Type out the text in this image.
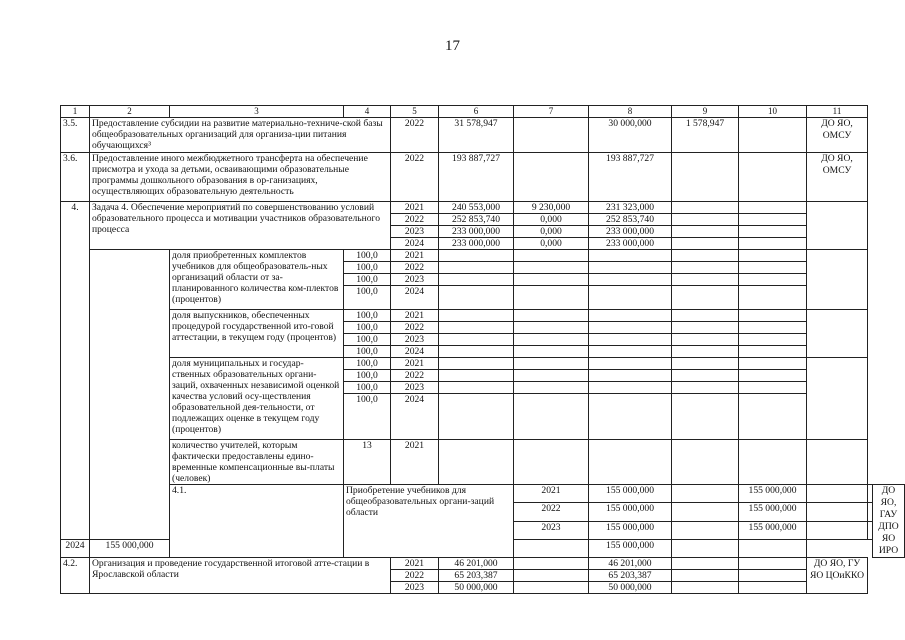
17
1	2	3	4	5	6	7	8	9	10	11		
3.5.	Предоставление субсидии на развитие материально-техниче-ской базы общеобразовательных организаций для организа-ции питания обучающихся³			2022	31 578,947		30 000,000	1 578,947		ДО ЯО, ОМСУ		
3.6.	Предоставление иного межбюджетного трансферта на обеспечение присмотра и ухода за детьми, осваивающими образовательные программы дошкольного образования в ор-ганизациях, осуществляющих образовательную деятельность			2022	193 887,727		193 887,727			ДО ЯО, ОМСУ		
4.	Задача 4. Обеспечение мероприятий по совершенствованию условий образовательного процесса и мотивации участников образовательного процесса			2021	240 553,000	9 230,000	231 323,000					
				2022	252 853,740	0,000	252 853,740					
				2023	233 000,000	0,000	233 000,000					
				2024	233 000,000	0,000	233 000,000					
		доля приобретенных комплектов учебников для общеобразователь-ных организаций области от за-планированного количества ком-плектов (процентов)	100,0	2021								
			100,0	2022								
			100,0	2023								
			100,0	2024								
		доля выпускников, обеспеченных процедурой государственной ито-говой аттестации, в текущем году (процентов)	100,0	2021								
			100,0	2022								
			100,0	2023								
			100,0	2024								
		доля муниципальных и государ-ственных образовательных органи-заций, охваченных независимой оценкой качества условий осу-ществления образовательной дея-тельности, от подлежащих оценке в текущем году (процентов)	100,0	2021								
			100,0	2022								
			100,0	2023								
			100,0	2024								
		количество учителей, которым фактически предоставлены едино-временные компенсационные вы-платы (человек)	13	2021								
		4.1.	Приобретение учебников для общеобразовательных органи-заций области			2021	155 000,000		155 000,000			ДО ЯО, ГАУ ДПО ЯО ИРО
						2022	155 000,000		155 000,000			
						2023	155 000,000		155 000,000			
2024	155 000,000						155 000,000					
4.2.	Организация и проведение государственной итоговой атте-стации в Ярославской области			2021	46 201,000		46 201,000			ДО ЯО, ГУ ЯО ЦОиККО		
				2022	65 203,387		65 203,387					
				2023	50 000,000		50 000,000					
